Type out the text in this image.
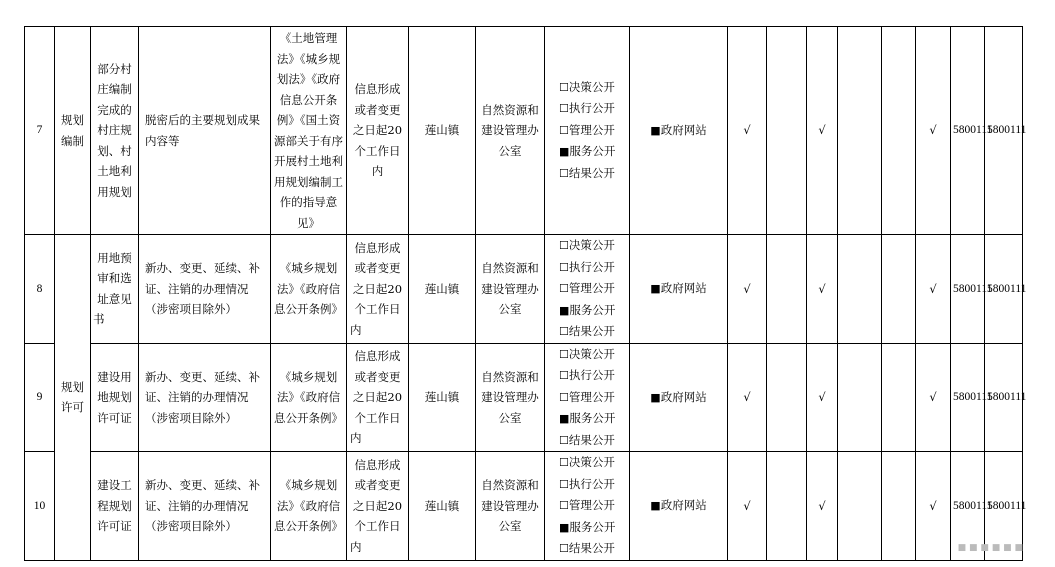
7	规划编制	部分村庄编制完成的村庄规划、村土地利用规划	脱密后的主要规划成果内容等	《土地管理法》《城乡规划法》《政府信息公开条例》《国土资源部关于有序开展村土地利用规划编制工作的指导意见》	信息形成或者变更之日起20个工作日内	莲山镇	自然资源和建设管理办公室	☐决策公开
☐执行公开
☐管理公开
■服务公开
☐结果公开	■政府网站	√		√			√	5800111	5800111
8	规划许可	用地预审和选址意见书	新办、变更、延续、补证、注销的办理情况（涉密项目除外）	《城乡规划法》《政府信息公开条例》	信息形成或者变更之日起20个工作日内	莲山镇	自然资源和建设管理办公室	☐决策公开
☐执行公开
☐管理公开
■服务公开
☐结果公开	■政府网站	√		√			√	5800111	5800111
9		建设用地规划许可证	新办、变更、延续、补证、注销的办理情况（涉密项目除外）	《城乡规划法》《政府信息公开条例》	信息形成或者变更之日起20个工作日内	莲山镇	自然资源和建设管理办公室	☐决策公开
☐执行公开
☐管理公开
■服务公开
☐结果公开	■政府网站	√		√			√	5800111	5800111
10		建设工程规划许可证	新办、变更、延续、补证、注销的办理情况（涉密项目除外）	《城乡规划法》《政府信息公开条例》	信息形成或者变更之日起20个工作日内	莲山镇	自然资源和建设管理办公室	☐决策公开
☐执行公开
☐管理公开
■服务公开
☐结果公开	■政府网站	√		√			√	5800111	5800111
■ ■ ■ ■ ■ ■
